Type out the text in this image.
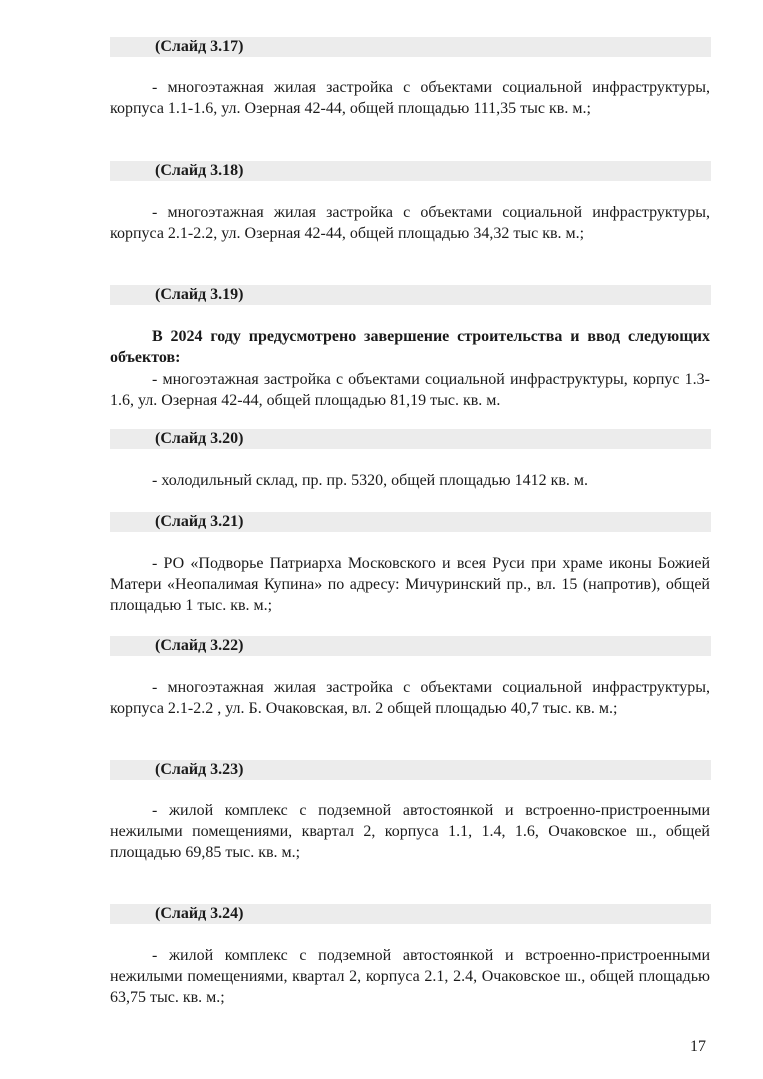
(Слайд 3.17)
- многоэтажная жилая застройка с объектами социальной инфраструктуры, корпуса 1.1-1.6, ул. Озерная 42-44, общей площадью 111,35 тыс кв. м.;
(Слайд 3.18)
- многоэтажная жилая застройка с объектами социальной инфраструктуры, корпуса 2.1-2.2, ул. Озерная 42-44, общей площадью 34,32 тыс кв. м.;
(Слайд 3.19)
В 2024 году предусмотрено завершение строительства и ввод следующих объектов:
- многоэтажная застройка с объектами социальной инфраструктуры, корпус 1.3-1.6, ул. Озерная 42-44, общей площадью 81,19 тыс. кв. м.
(Слайд 3.20)
- холодильный склад, пр. пр. 5320, общей площадью 1412 кв. м.
(Слайд 3.21)
- РО «Подворье Патриарха Московского и всея Руси при храме иконы Божией Матери «Неопалимая Купина» по адресу: Мичуринский пр., вл. 15 (напротив), общей площадью 1 тыс. кв. м.;
(Слайд 3.22)
- многоэтажная жилая застройка с объектами социальной инфраструктуры, корпуса 2.1-2.2 , ул. Б. Очаковская, вл. 2 общей площадью 40,7 тыс. кв. м.;
(Слайд 3.23)
- жилой комплекс с подземной автостоянкой и встроенно-пристроенными нежилыми помещениями, квартал 2, корпуса 1.1, 1.4, 1.6, Очаковское ш., общей площадью 69,85 тыс. кв. м.;
(Слайд 3.24)
- жилой комплекс с подземной автостоянкой и встроенно-пристроенными нежилыми помещениями, квартал 2, корпуса 2.1, 2.4, Очаковское ш., общей площадью 63,75 тыс. кв. м.;
17
